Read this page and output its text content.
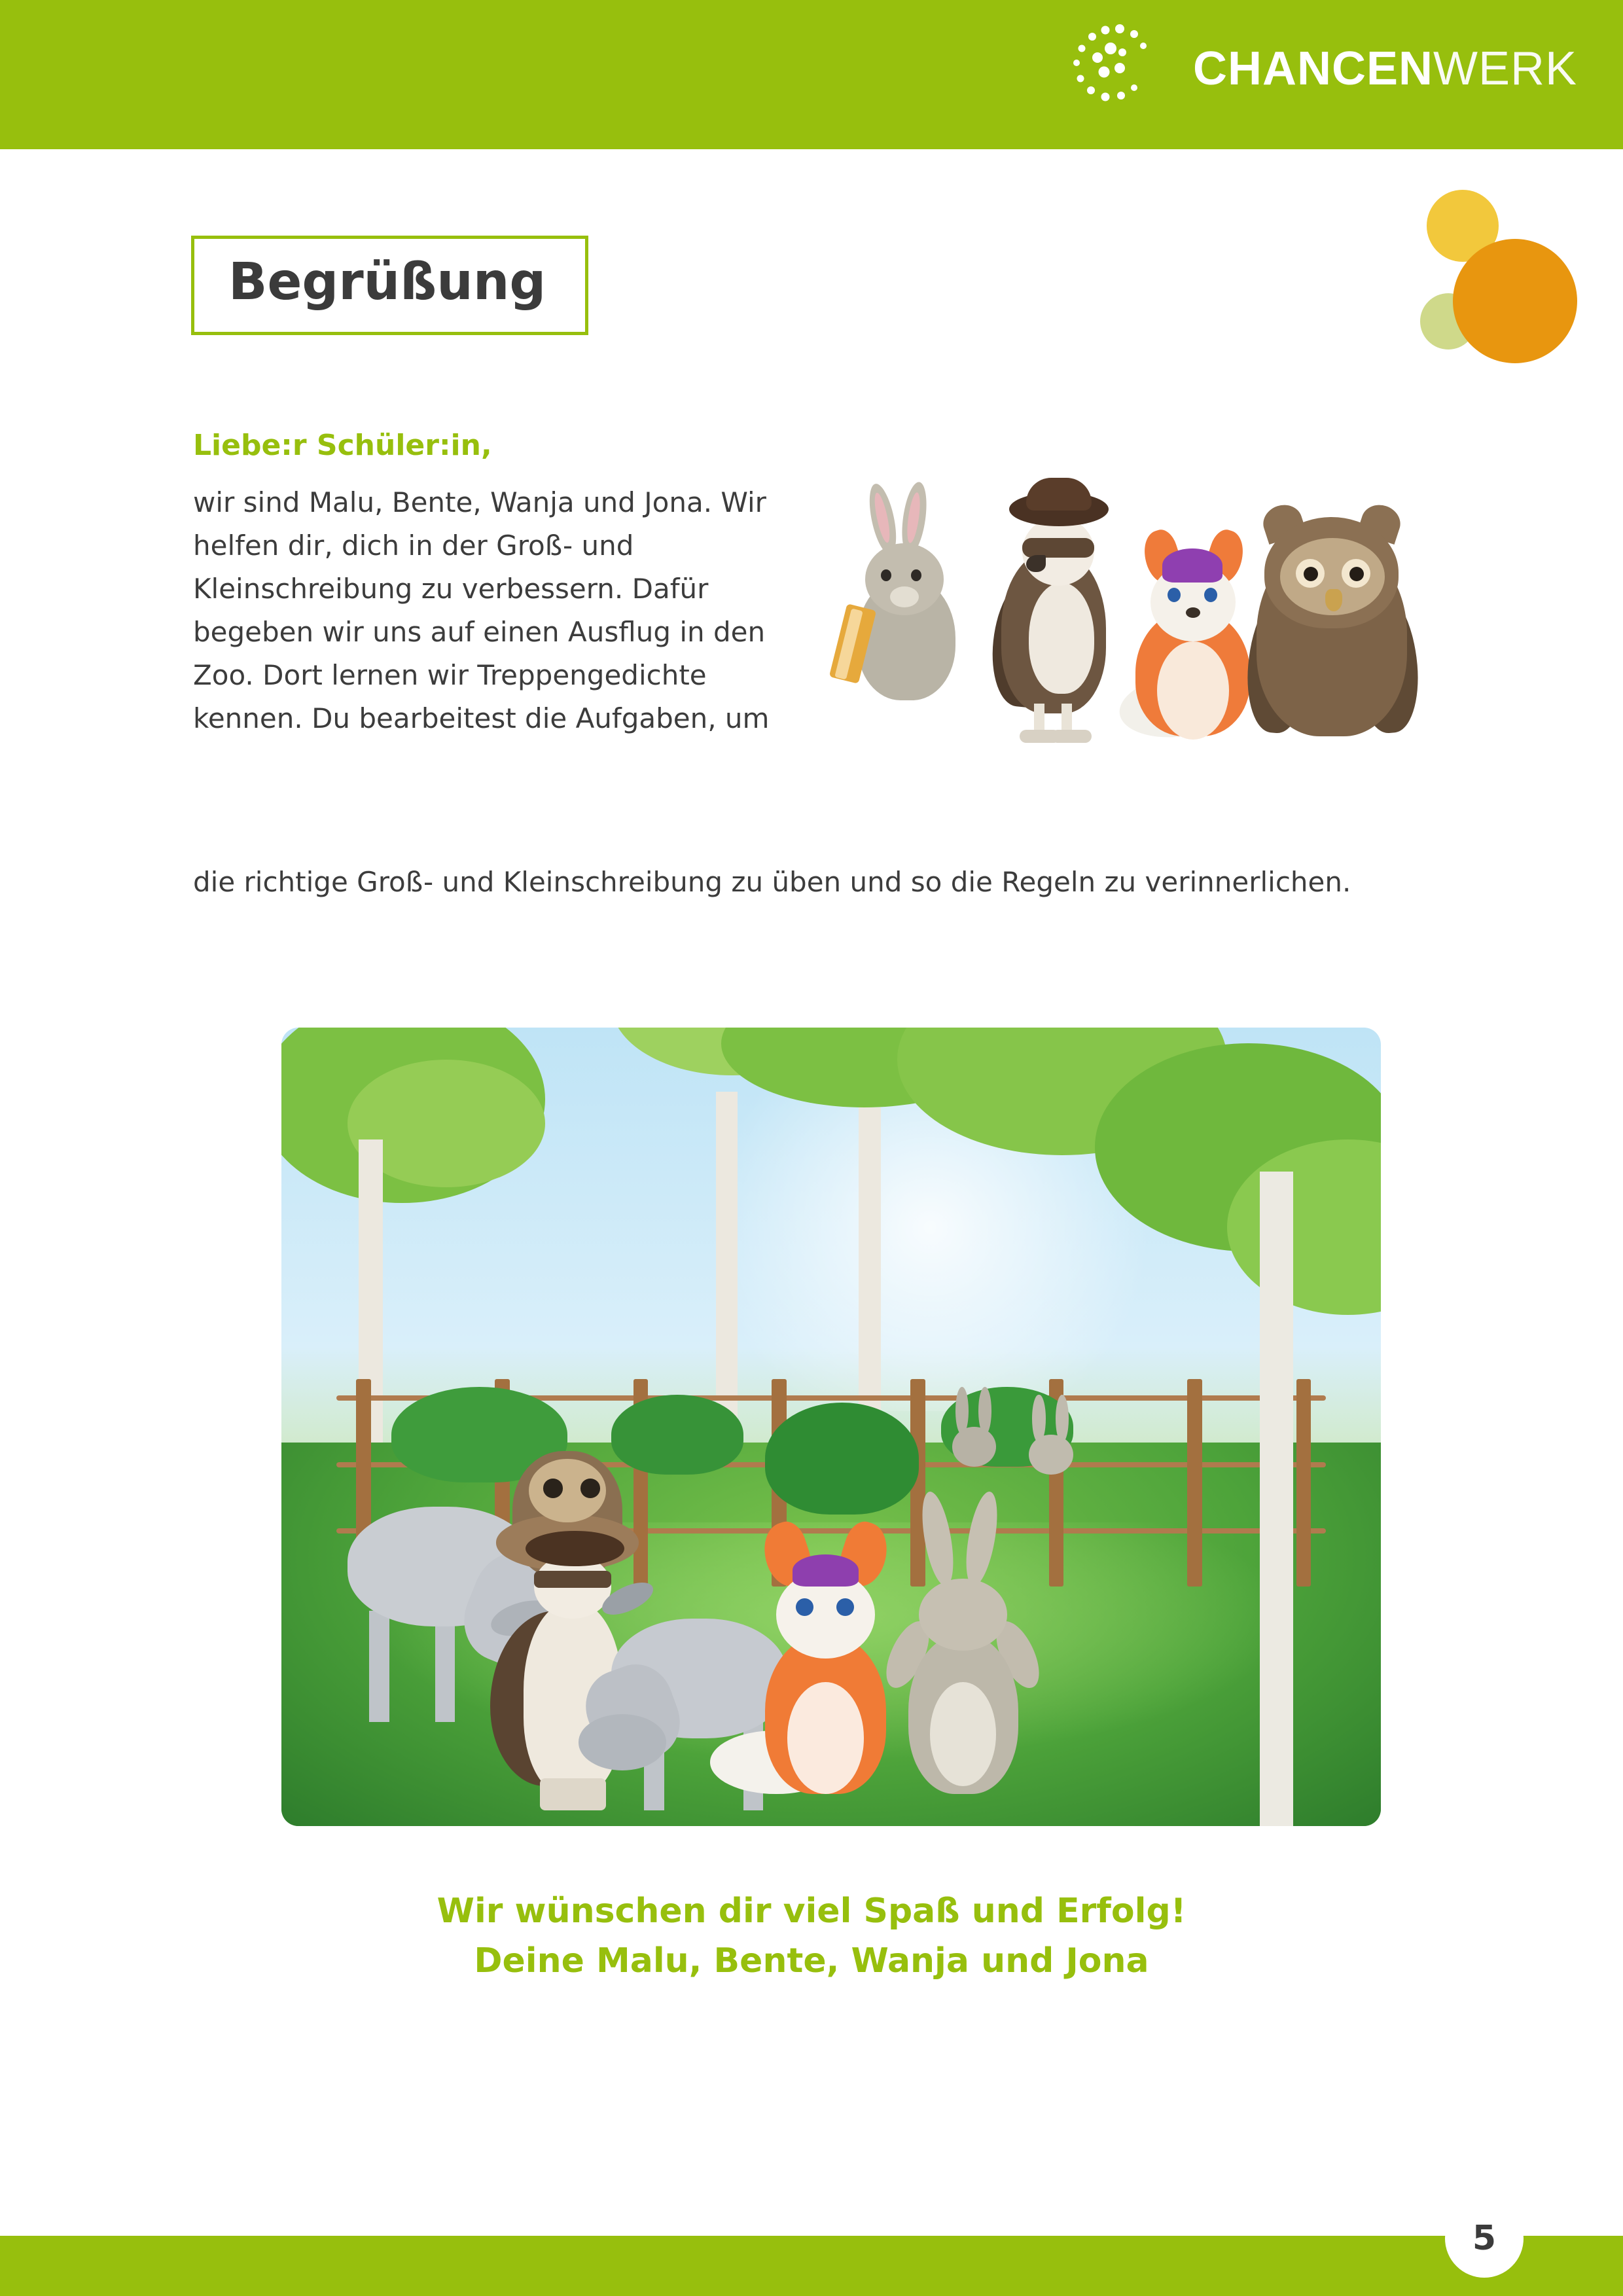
CHANCENWERK
Begrüßung
Liebe:r Schüler:in,
wir sind Malu, Bente, Wanja und Jona. Wir helfen dir, dich in der Groß- und Kleinschreibung zu verbessern. Dafür begeben wir uns auf einen Ausflug in den Zoo. Dort lernen wir Treppengedichte kennen. Du bearbeitest die Aufgaben, um
die richtige Groß- und Kleinschreibung zu üben und so die Regeln zu verinnerlichen.

Wir wünschen dir viel Spaß und Erfolg!

Deine Malu, Bente, Wanja und Jona

5
